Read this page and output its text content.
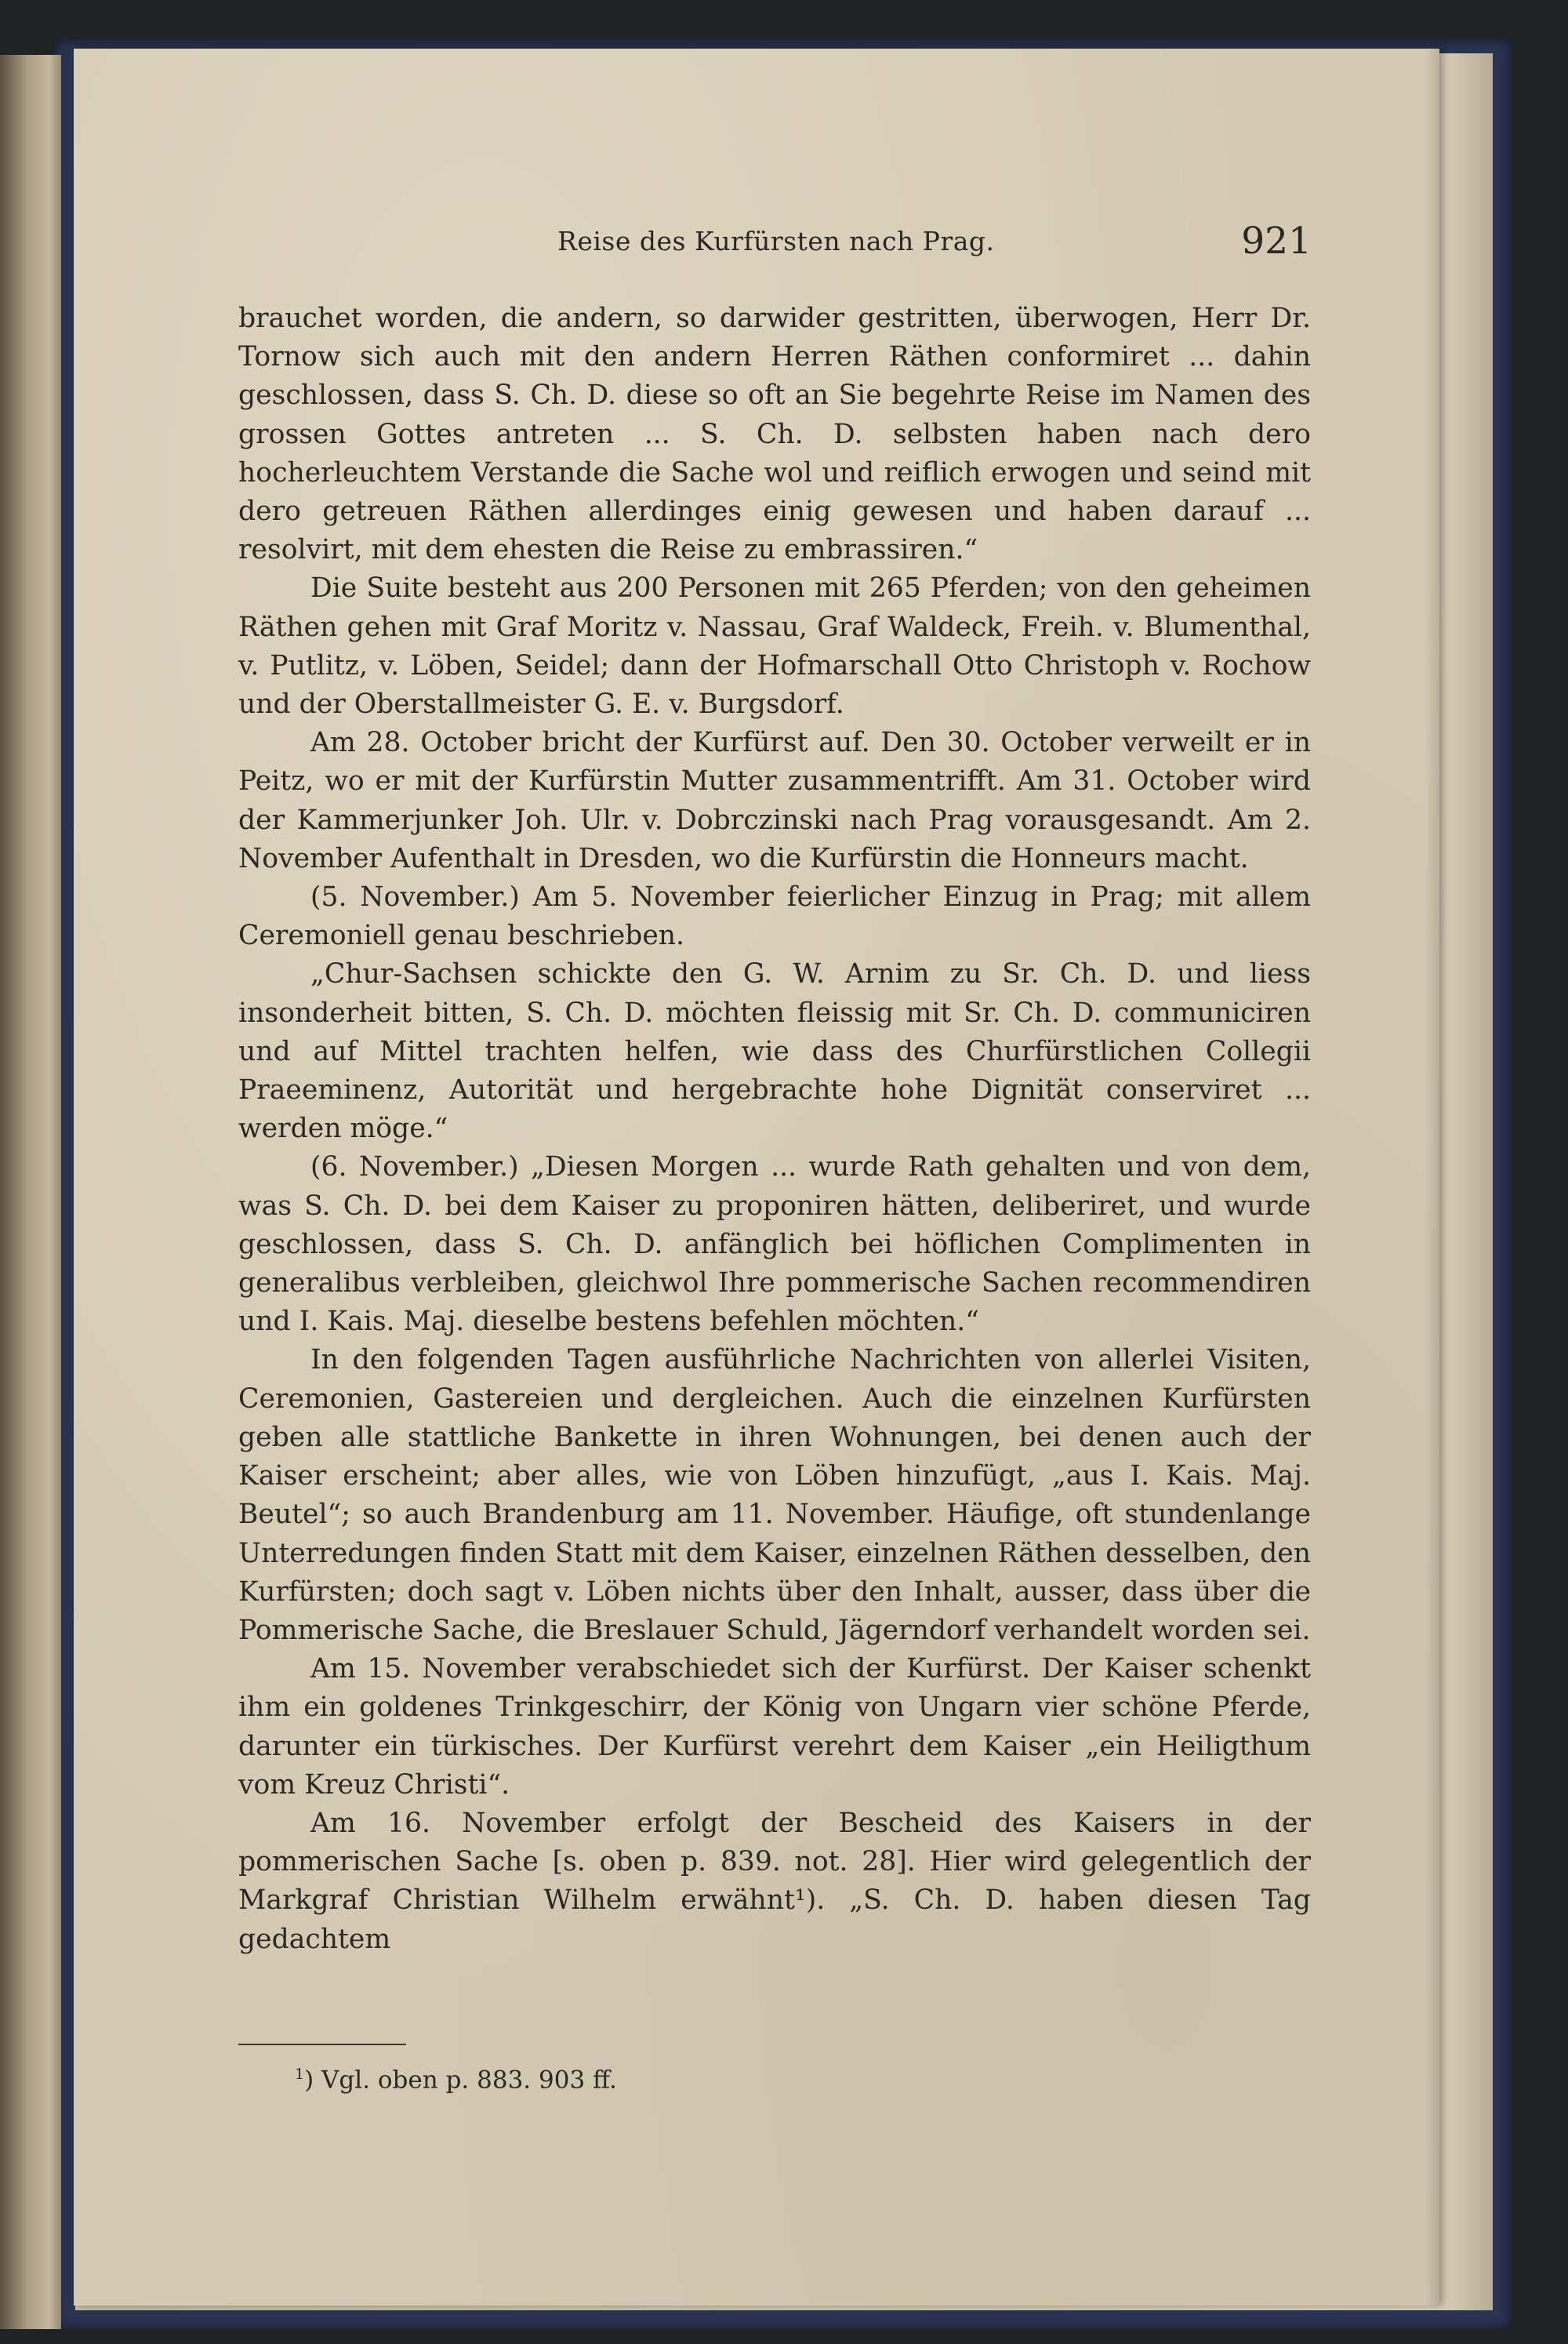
Reise des Kurfürsten nach Prag.	921

brauchet worden, die andern, so darwider gestritten, überwogen, Herr Dr. Tornow sich auch mit den andern Herren Räthen conformiret ... dahin geschlossen, dass S. Ch. D. diese so oft an Sie begehrte Reise im Namen des grossen Gottes antreten ... S. Ch. D. selbsten haben nach dero hocherleuchtem Verstande die Sache wol und reiflich erwogen und seind mit dero getreuen Räthen allerdinges einig gewesen und haben darauf ... resolvirt, mit dem ehesten die Reise zu embrassiren.“

Die Suite besteht aus 200 Personen mit 265 Pferden; von den geheimen Räthen gehen mit Graf Moritz v. Nassau, Graf Waldeck, Freih. v. Blumenthal, v. Putlitz, v. Löben, Seidel; dann der Hofmarschall Otto Christoph v. Rochow und der Oberstallmeister G. E. v. Burgsdorf.

Am 28. October bricht der Kurfürst auf. Den 30. October verweilt er in Peitz, wo er mit der Kurfürstin Mutter zusammentrifft. Am 31. October wird der Kammerjunker Joh. Ulr. v. Dobrczinski nach Prag vorausgesandt. Am 2. November Aufenthalt in Dresden, wo die Kurfürstin die Honneurs macht.

(5. November.) Am 5. November feierlicher Einzug in Prag; mit allem Ceremoniell genau beschrieben.

„Chur-Sachsen schickte den G. W. Arnim zu Sr. Ch. D. und liess insonderheit bitten, S. Ch. D. möchten fleissig mit Sr. Ch. D. communiciren und auf Mittel trachten helfen, wie dass des Churfürstlichen Collegii Praeeminenz, Autorität und hergebrachte hohe Dignität conserviret ... werden möge.“

(6. November.) „Diesen Morgen ... wurde Rath gehalten und von dem, was S. Ch. D. bei dem Kaiser zu proponiren hätten, deliberiret, und wurde geschlossen, dass S. Ch. D. anfänglich bei höflichen Complimenten in generalibus verbleiben, gleichwol Ihre pommerische Sachen recommendiren und I. Kais. Maj. dieselbe bestens befehlen möchten.“

In den folgenden Tagen ausführliche Nachrichten von allerlei Visiten, Ceremonien, Gastereien und dergleichen. Auch die einzelnen Kurfürsten geben alle stattliche Bankette in ihren Wohnungen, bei denen auch der Kaiser erscheint; aber alles, wie von Löben hinzufügt, „aus I. Kais. Maj. Beutel“; so auch Brandenburg am 11. November. Häufige, oft stundenlange Unterredungen finden Statt mit dem Kaiser, einzelnen Räthen desselben, den Kurfürsten; doch sagt v. Löben nichts über den Inhalt, ausser, dass über die Pommerische Sache, die Breslauer Schuld, Jägerndorf verhandelt worden sei.

Am 15. November verabschiedet sich der Kurfürst. Der Kaiser schenkt ihm ein goldenes Trinkgeschirr, der König von Ungarn vier schöne Pferde, darunter ein türkisches. Der Kurfürst verehrt dem Kaiser „ein Heiligthum vom Kreuz Christi“.

Am 16. November erfolgt der Bescheid des Kaisers in der pommerischen Sache [s. oben p. 839. not. 28]. Hier wird gelegentlich der Markgraf Christian Wilhelm erwähnt¹). „S. Ch. D. haben diesen Tag gedachtem

$^1$) Vgl. oben p. 883. 903 ff.
